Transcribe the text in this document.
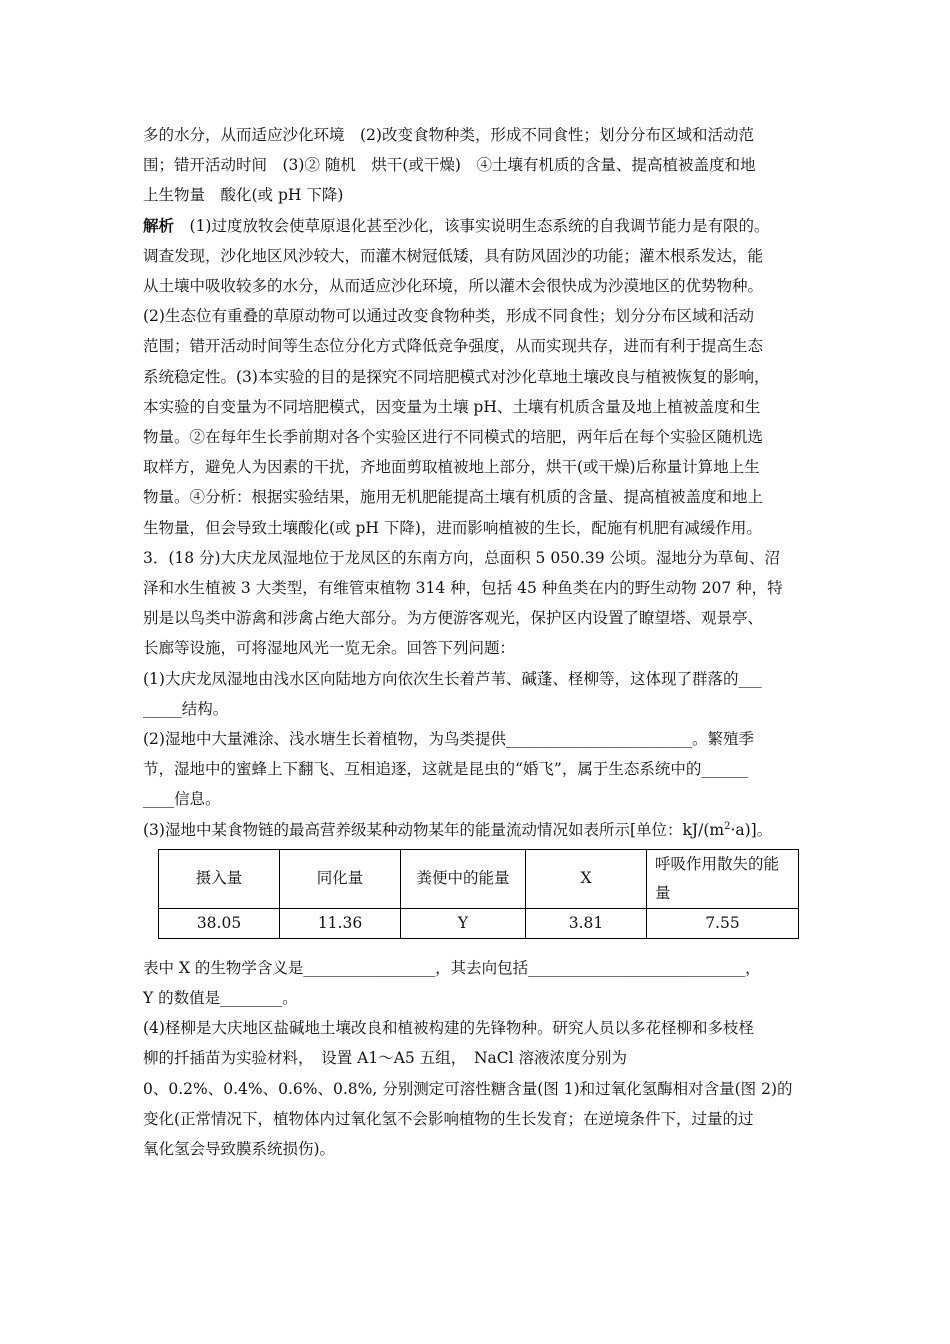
多的水分，从而适应沙化环境　(2)改变食物种类，形成不同食性；划分分布区域和活动范

围；错开活动时间　(3)② 随机　烘干(或干燥)　④土壤有机质的含量、提高植被盖度和地

上生物量　酸化(或 pH 下降)

解析　(1)过度放牧会使草原退化甚至沙化，该事实说明生态系统的自我调节能力是有限的。

调查发现，沙化地区风沙较大，而灌木树冠低矮，具有防风固沙的功能；灌木根系发达，能

从土壤中吸收较多的水分，从而适应沙化环境，所以灌木会很快成为沙漠地区的优势物种。

(2)生态位有重叠的草原动物可以通过改变食物种类，形成不同食性；划分分布区域和活动

范围；错开活动时间等生态位分化方式降低竞争强度，从而实现共存，进而有利于提高生态

系统稳定性。(3)本实验的目的是探究不同培肥模式对沙化草地土壤改良与植被恢复的影响，

本实验的自变量为不同培肥模式，因变量为土壤 pH、土壤有机质含量及地上植被盖度和生

物量。②在每年生长季前期对各个实验区进行不同模式的培肥，两年后在每个实验区随机选

取样方，避免人为因素的干扰，齐地面剪取植被地上部分，烘干(或干燥)后称量计算地上生

物量。④分析：根据实验结果，施用无机肥能提高土壤有机质的含量、提高植被盖度和地上

生物量，但会导致土壤酸化(或 pH 下降)，进而影响植被的生长，配施有机肥有减缓作用。

3．(18 分)大庆龙凤湿地位于龙凤区的东南方向，总面积 5 050.39 公顷。湿地分为草甸、沼

泽和水生植被 3 大类型，有维管束植物 314 种，包括 45 种鱼类在内的野生动物 207 种，特

别是以鸟类中游禽和涉禽占绝大部分。为方便游客观光，保护区内设置了瞭望塔、观景亭、

长廊等设施，可将湿地风光一览无余。回答下列问题：

(1)大庆龙凤湿地由浅水区向陆地方向依次生长着芦苇、碱蓬、柽柳等，这体现了群落的___

_____结构。

(2)湿地中大量滩涂、浅水塘生长着植物，为鸟类提供________________________。繁殖季

节，湿地中的蜜蜂上下翻飞、互相追逐，这就是昆虫的“婚飞”，属于生态系统中的______

____信息。

(3)湿地中某食物链的最高营养级某种动物某年的能量流动情况如表所示[单位：$kJ/(m^2\cdot a)$]。

摄入量	同化量	粪便中的能量	X	呼吸作用散失的能量
38.05	11.36	Y	3.81	7.55

表中 X 的生物学含义是_________________，其去向包括____________________________，

Y 的数值是________。

(4)柽柳是大庆地区盐碱地土壤改良和植被构建的先锋物种。研究人员以多花柽柳和多枝柽

柳的扦插苗为实验材料，　设置 A1～A5 五组，　NaCl 溶液浓度分别为

0、0.2%、0.4%、0.6%、0.8%, 分别测定可溶性糖含量(图 1)和过氧化氢酶相对含量(图 2)的

变化(正常情况下，植物体内过氧化氢不会影响植物的生长发育；在逆境条件下，过量的过

氧化氢会导致膜系统损伤)。
